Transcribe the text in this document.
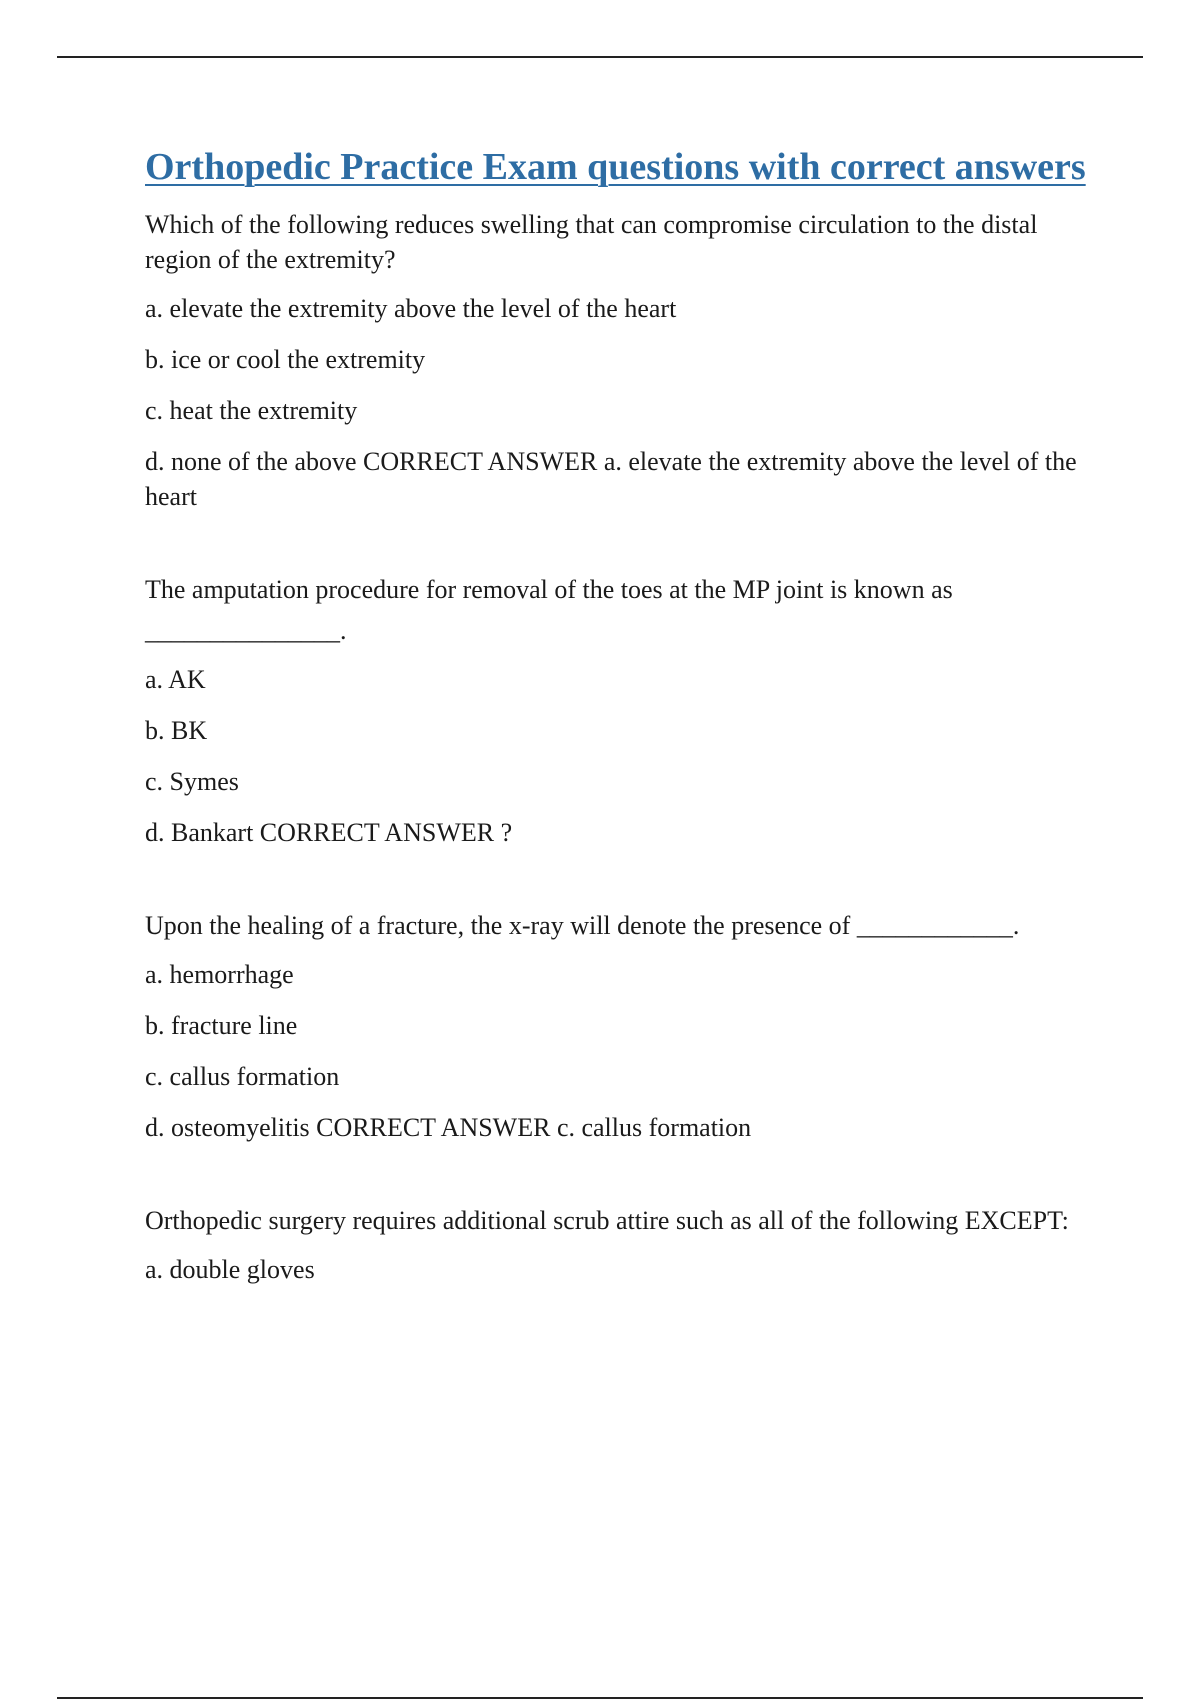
Orthopedic Practice Exam questions with correct answers

Which of the following reduces swelling that can compromise circulation to the distal region of the extremity?

a. elevate the extremity above the level of the heart

b. ice or cool the extremity

c. heat the extremity

d. none of the above CORRECT ANSWER a. elevate the extremity above the level of the heart

The amputation procedure for removal of the toes at the MP joint is known as
_______________.

a. AK

b. BK

c. Symes

d. Bankart CORRECT ANSWER ?

Upon the healing of a fracture, the x-ray will denote the presence of ____________.

a. hemorrhage

b. fracture line

c. callus formation

d. osteomyelitis CORRECT ANSWER c. callus formation

Orthopedic surgery requires additional scrub attire such as all of the following EXCEPT:

a. double gloves
